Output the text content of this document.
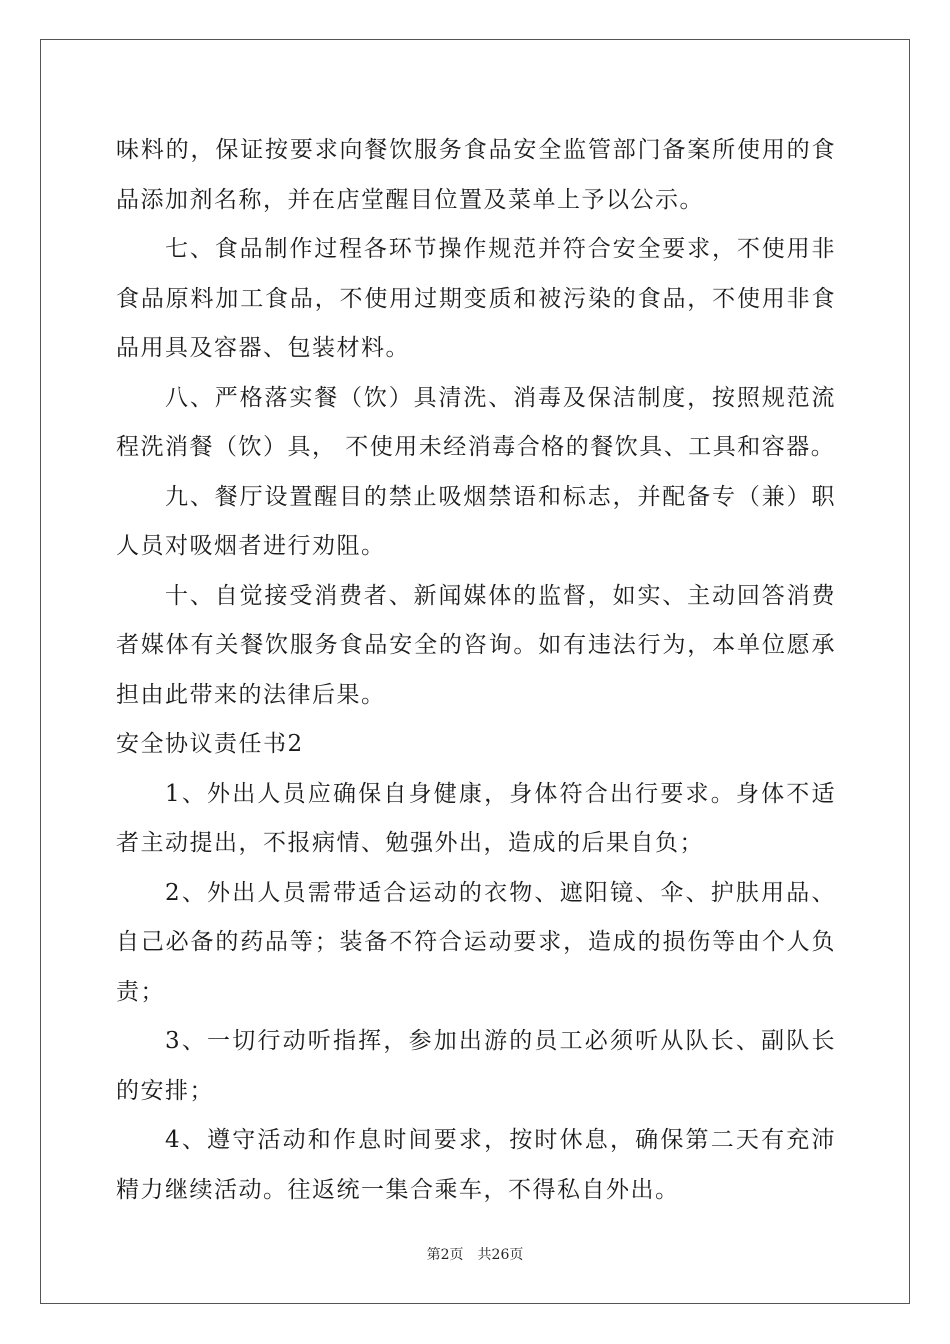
味料的，保证按要求向餐饮服务食品安全监管部门备案所使用的食品添加剂名称，并在店堂醒目位置及菜单上予以公示。

七、食品制作过程各环节操作规范并符合安全要求，不使用非食品原料加工食品，不使用过期变质和被污染的食品，不使用非食品用具及容器、包装材料。

八、严格落实餐（饮）具清洗、消毒及保洁制度，按照规范流程洗消餐（饮）具， 不使用未经消毒合格的餐饮具、工具和容器。

九、餐厅设置醒目的禁止吸烟禁语和标志，并配备专（兼）职人员对吸烟者进行劝阻。

十、自觉接受消费者、新闻媒体的监督，如实、主动回答消费者媒体有关餐饮服务食品安全的咨询。如有违法行为，本单位愿承担由此带来的法律后果。

安全协议责任书2

1、外出人员应确保自身健康，身体符合出行要求。身体不适者主动提出，不报病情、勉强外出，造成的后果自负；

2、外出人员需带适合运动的衣物、遮阳镜、伞、护肤用品、自己必备的药品等；装备不符合运动要求，造成的损伤等由个人负责；

3、一切行动听指挥，参加出游的员工必须听从队长、副队长的安排；

4、遵守活动和作息时间要求，按时休息，确保第二天有充沛精力继续活动。往返统一集合乘车，不得私自外出。

第2页 共26页
